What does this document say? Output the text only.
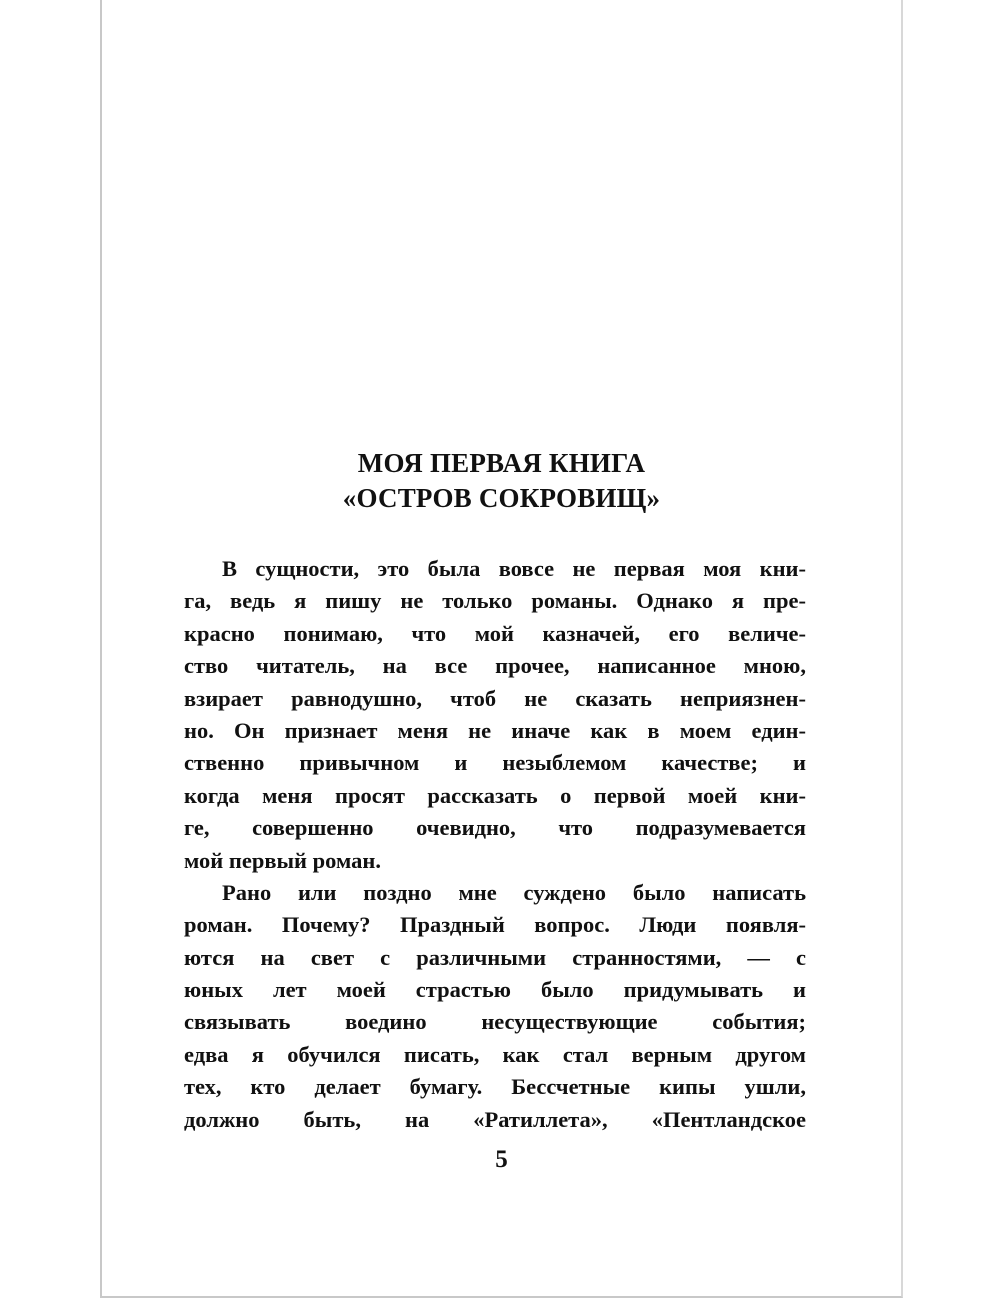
МОЯ ПЕРВАЯ КНИГА
«ОСТРОВ СОКРОВИЩ»
В сущности, это была вовсе не первая моя кни-
га, ведь я пишу не только романы. Однако я пре-
красно понимаю, что мой казначей, его величе-
ство читатель, на все прочее, написанное мною,
взирает равнодушно, чтоб не сказать неприязнен-
но. Он признает меня не иначе как в моем един-
ственно привычном и незыблемом качестве; и
когда меня просят рассказать о первой моей кни-
ге, совершенно очевидно, что подразумевается
мой первый роман.
Рано или поздно мне суждено было написать
роман. Почему? Праздный вопрос. Люди появля-
ются на свет с различными странностями, — с
юных лет моей страстью было придумывать и
связывать воедино несуществующие события;
едва я обучился писать, как стал верным другом
тех, кто делает бумагу. Бессчетные кипы ушли,
должно быть, на «Ратиллета», «Пентландское
5
